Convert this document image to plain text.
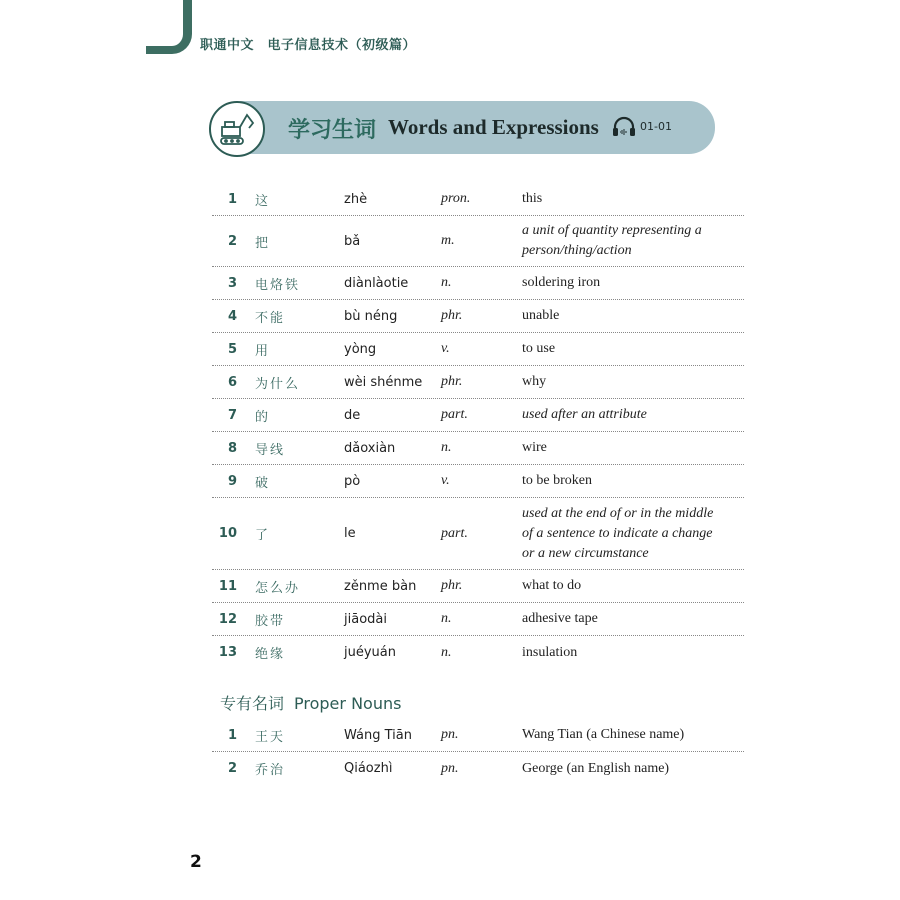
职通中文　电子信息技术（初级篇）
学习生词 Words and Expressions	01-01
1 这	zhè	pron.	this
2 把	bǎ	m.
a unit of quantity representing a person/thing/action
3 电烙铁	diànlàotie n.	soldering iron
4 不能	bù néng	phr.	unable
5 用	yòng	v.	to use
6 为什么	wèi shénme phr.	why
7 的	de	part.	used after an attribute
8 导线	dǎoxiàn	n.	wire
9 破	pò	v.	to be broken
10 了	le	part.
used at the end of or in the middle of a sentence to indicate a change or a new circumstance
11 怎么办	zěnme bàn phr.	what to do
12 胶带	jiāodài	n.	adhesive tape
13 绝缘	juéyuán	n.	insulation
专有名词 Proper Nouns
1 王天	Wáng Tiān pn.	Wang Tian (a Chinese name)
2 乔治	Qiáozhì	pn.	George (an English name)
2
